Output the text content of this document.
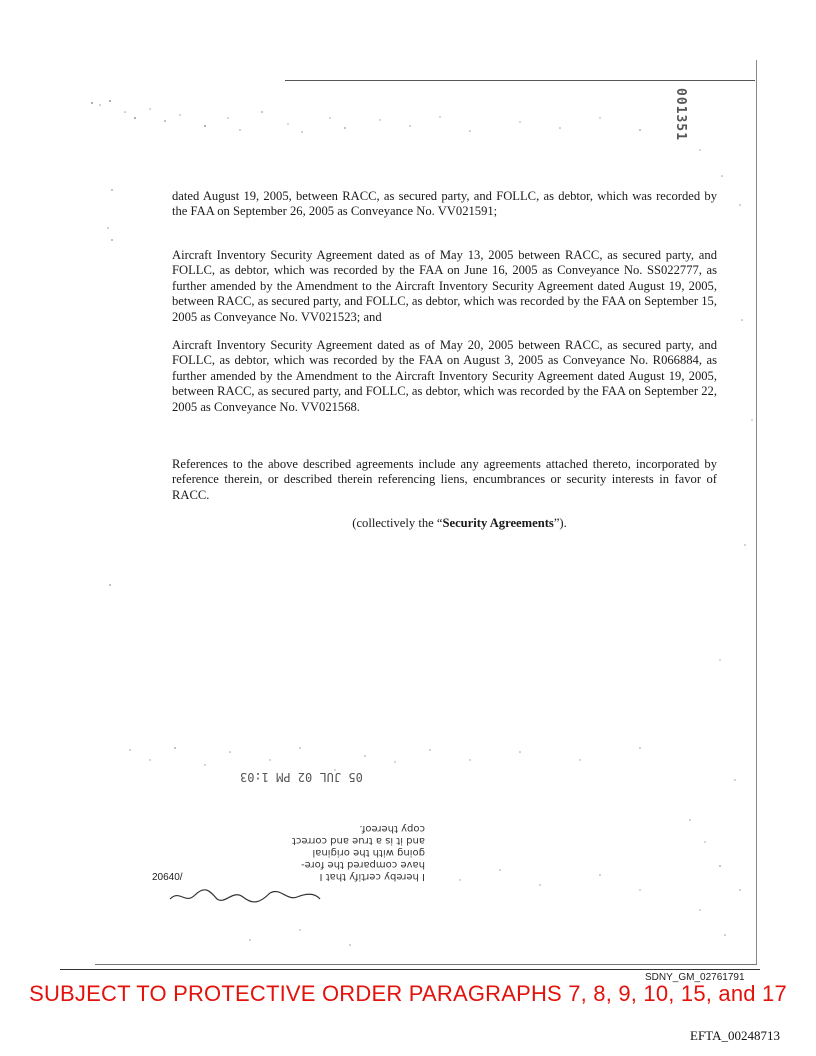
001351

dated August 19, 2005, between RACC, as secured party, and FOLLC, as debtor, which was recorded by the FAA on September 26, 2005 as Conveyance No. VV021591;

Aircraft Inventory Security Agreement dated as of May 13, 2005 between RACC, as secured party, and FOLLC, as debtor, which was recorded by the FAA on June 16, 2005 as Conveyance No. SS022777, as further amended by the Amendment to the Aircraft Inventory Security Agreement dated August 19, 2005, between RACC, as secured party, and FOLLC, as debtor, which was recorded by the FAA on September 15, 2005 as Conveyance No. VV021523; and

Aircraft Inventory Security Agreement dated as of May 20, 2005 between RACC, as secured party, and FOLLC, as debtor, which was recorded by the FAA on August 3, 2005 as Conveyance No. R066884, as further amended by the Amendment to the Aircraft Inventory Security Agreement dated August 19, 2005, between RACC, as secured party, and FOLLC, as debtor, which was recorded by the FAA on September 22, 2005 as Conveyance No. VV021568.

References to the above described agreements include any agreements attached thereto, incorporated by reference therein, or described therein referencing liens, encumbrances or security interests in favor of RACC.

(collectively the “Security Agreements”).
05 JUL 02 PM 1:03
I hereby certify that I
have compared the fore-
going with the original
and it is a true and correct
copy thereof.
20640/
SDNY_GM_02761791
SUBJECT TO PROTECTIVE ORDER PARAGRAPHS 7, 8, 9, 10, 15, and 17
EFTA_00248713
